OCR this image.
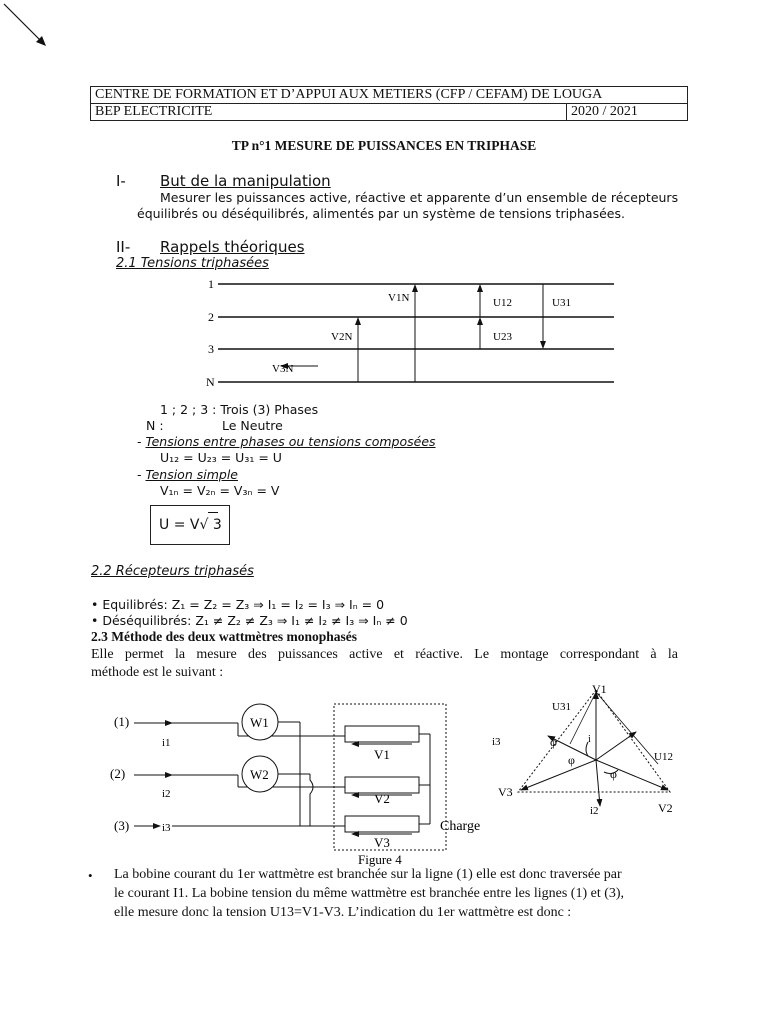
CENTRE DE FORMATION ET D’APPUI AUX METIERS (CFP / CEFAM) DE LOUGA
BEP ELECTRICITE	2020 / 2021
TP n°1 MESURE DE PUISSANCES EN TRIPHASE
I- But de la manipulation
Mesurer les puissances active, réactive et apparente d’un ensemble de récepteurs
équilibrés ou déséquilibrés, alimentés par un système de tensions triphasées.
II- Rappels théoriques
2.1 Tensions triphasées
1
2
3
N
V1N
V2N
V3N
U12
U23
U31
1 ; 2 ; 3 : Trois (3) Phases
N :	Le Neutre
- Tensions entre phases ou tensions composées
U₁₂ = U₂₃ = U₃₁ = U
- Tension simple
V₁ₙ = V₂ₙ = V₃ₙ = V
U = V√ 3
2.2 Récepteurs triphasés
• Equilibrés: Z₁ = Z₂ = Z₃ ⇒ I₁ = I₂ = I₃ ⇒ Iₙ = 0
• Déséquilibrés: Z₁ ≠ Z₂ ≠ Z₃ ⇒ I₁ ≠ I₂ ≠ I₃ ⇒ Iₙ ≠ 0
2.3 Méthode des deux wattmètres monophasés
Elle permet la mesure des puissances active et réactive. Le montage correspondant à la
méthode est le suivant :
(1)
(2)
(3)
i1
i2
i3
W1
W2
V1
V2
V3
Charge
Figure 4
V1
V3
V2
U31
U12
i3	i
i2
φ
φ
φ
• La bobine courant du 1er wattmètre est branchée sur la ligne (1) elle est donc traversée par
le courant I1. La bobine tension du même wattmètre est branchée entre les lignes (1) et (3),
elle mesure donc la tension U13=V1-V3. L’indication du 1er wattmètre est donc :
